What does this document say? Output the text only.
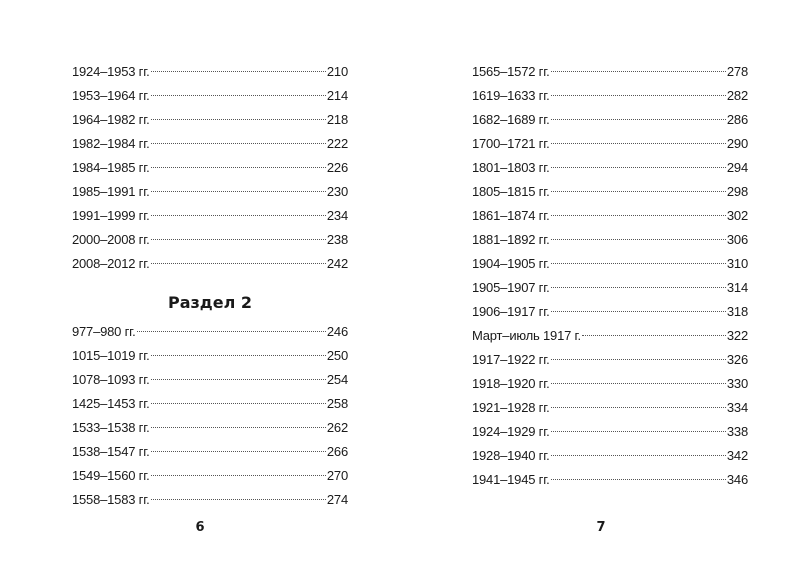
1924–1953 гг.	210
1953–1964 гг.	214
1964–1982 гг.	218
1982–1984 гг.	222
1984–1985 гг.	226
1985–1991 гг.	230
1991–1999 гг.	234
2000–2008 гг.	238
2008–2012 гг.	242
Раздел 2
977–980 гг.	246
1015–1019 гг.	250
1078–1093 гг.	254
1425–1453 гг.	258
1533–1538 гг.	262
1538–1547 гг.	266
1549–1560 гг.	270
1558–1583 гг.	274
6
1565–1572 гг.	278
1619–1633 гг.	282
1682–1689 гг.	286
1700–1721 гг.	290
1801–1803 гг.	294
1805–1815 гг.	298
1861–1874 гг.	302
1881–1892 гг.	306
1904–1905 гг.	310
1905–1907 гг.	314
1906–1917 гг.	318
Март–июль 1917 г.	322
1917–1922 гг.	326
1918–1920 гг.	330
1921–1928 гг.	334
1924–1929 гг.	338
1928–1940 гг.	342
1941–1945 гг.	346
7
